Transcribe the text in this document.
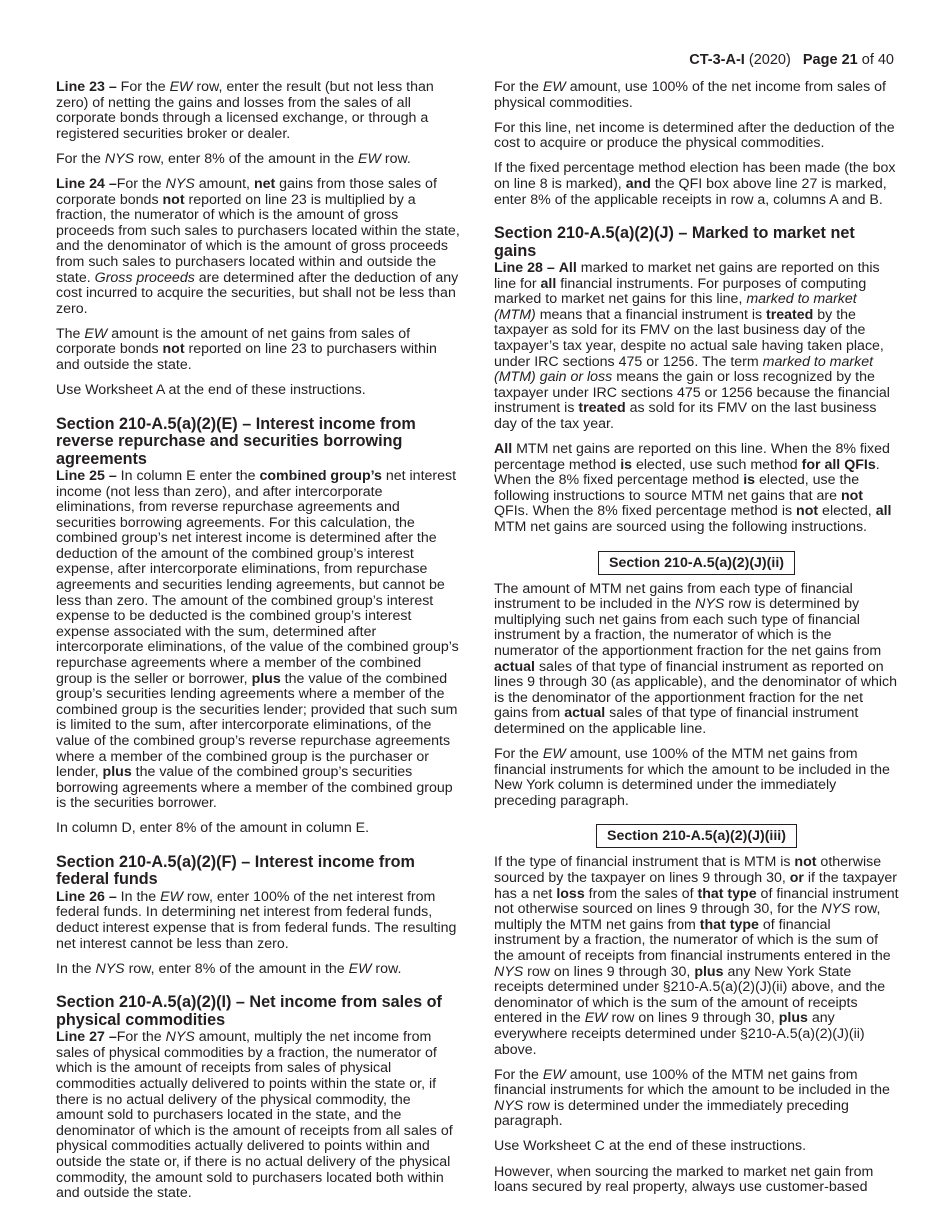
CT-3-A-I (2020) Page 21 of 40

Line 23 – For the EW row, enter the result (but not less than zero) of netting the gains and losses from the sales of all corporate bonds through a licensed exchange, or through a registered securities broker or dealer.

For the NYS row, enter 8% of the amount in the EW row.

Line 24 –For the NYS amount, net gains from those sales of corporate bonds not reported on line 23 is multiplied by a fraction, the numerator of which is the amount of gross proceeds from such sales to purchasers located within the state, and the denominator of which is the amount of gross proceeds from such sales to purchasers located within and outside the state. Gross proceeds are determined after the deduction of any cost incurred to acquire the securities, but shall not be less than zero.

The EW amount is the amount of net gains from sales of corporate bonds not reported on line 23 to purchasers within and outside the state.

Use Worksheet A at the end of these instructions.

Section 210-A.5(a)(2)(E) – Interest income from reverse repurchase and securities borrowing agreements

Line 25 – In column E enter the combined group’s net interest income (not less than zero), and after intercorporate eliminations, from reverse repurchase agreements and securities borrowing agreements. For this calculation, the combined group’s net interest income is determined after the deduction of the amount of the combined group’s interest expense, after intercorporate eliminations, from repurchase agreements and securities lending agreements, but cannot be less than zero. The amount of the combined group’s interest expense to be deducted is the combined group’s interest expense associated with the sum, determined after intercorporate eliminations, of the value of the combined group’s repurchase agreements where a member of the combined group is the seller or borrower, plus the value of the combined group’s securities lending agreements where a member of the combined group is the securities lender; provided that such sum is limited to the sum, after intercorporate eliminations, of the value of the combined group’s reverse repurchase agreements where a member of the combined group is the purchaser or lender, plus the value of the combined group’s securities borrowing agreements where a member of the combined group is the securities borrower.

In column D, enter 8% of the amount in column E.

Section 210-A.5(a)(2)(F) – Interest income from federal funds

Line 26 – In the EW row, enter 100% of the net interest from federal funds. In determining net interest from federal funds, deduct interest expense that is from federal funds. The resulting net interest cannot be less than zero.

In the NYS row, enter 8% of the amount in the EW row.

Section 210-A.5(a)(2)(I) – Net income from sales of physical commodities

Line 27 –For the NYS amount, multiply the net income from sales of physical commodities by a fraction, the numerator of which is the amount of receipts from sales of physical commodities actually delivered to points within the state or, if there is no actual delivery of the physical commodity, the amount sold to purchasers located in the state, and the denominator of which is the amount of receipts from all sales of physical commodities actually delivered to points within and outside the state or, if there is no actual delivery of the physical commodity, the amount sold to purchasers located both within and outside the state.

For the EW amount, use 100% of the net income from sales of physical commodities.

For this line, net income is determined after the deduction of the cost to acquire or produce the physical commodities.

If the fixed percentage method election has been made (the box on line 8 is marked), and the QFI box above line 27 is marked, enter 8% of the applicable receipts in row a, columns A and B.

Section 210-A.5(a)(2)(J) – Marked to market net gains

Line 28 – All marked to market net gains are reported on this line for all financial instruments. For purposes of computing marked to market net gains for this line, marked to market (MTM) means that a financial instrument is treated by the taxpayer as sold for its FMV on the last business day of the taxpayer’s tax year, despite no actual sale having taken place, under IRC sections 475 or 1256. The term marked to market (MTM) gain or loss means the gain or loss recognized by the taxpayer under IRC sections 475 or 1256 because the financial instrument is treated as sold for its FMV on the last business day of the tax year.

All MTM net gains are reported on this line. When the 8% fixed percentage method is elected, use such method for all QFIs. When the 8% fixed percentage method is elected, use the following instructions to source MTM net gains that are not QFIs. When the 8% fixed percentage method is not elected, all MTM net gains are sourced using the following instructions.

Section 210-A.5(a)(2)(J)(ii)

The amount of MTM net gains from each type of financial instrument to be included in the NYS row is determined by multiplying such net gains from each such type of financial instrument by a fraction, the numerator of which is the numerator of the apportionment fraction for the net gains from actual sales of that type of financial instrument as reported on lines 9 through 30 (as applicable), and the denominator of which is the denominator of the apportionment fraction for the net gains from actual sales of that type of financial instrument determined on the applicable line.

For the EW amount, use 100% of the MTM net gains from financial instruments for which the amount to be included in the New York column is determined under the immediately preceding paragraph.

Section 210-A.5(a)(2)(J)(iii)

If the type of financial instrument that is MTM is not otherwise sourced by the taxpayer on lines 9 through 30, or if the taxpayer has a net loss from the sales of that type of financial instrument not otherwise sourced on lines 9 through 30, for the NYS row, multiply the MTM net gains from that type of financial instrument by a fraction, the numerator of which is the sum of the amount of receipts from financial instruments entered in the NYS row on lines 9 through 30, plus any New York State receipts determined under §210-A.5(a)(2)(J)(ii) above, and the denominator of which is the sum of the amount of receipts entered in the EW row on lines 9 through 30, plus any everywhere receipts determined under §210-A.5(a)(2)(J)(ii) above.

For the EW amount, use 100% of the MTM net gains from financial instruments for which the amount to be included in the NYS row is determined under the immediately preceding paragraph.

Use Worksheet C at the end of these instructions.

However, when sourcing the marked to market net gain from loans secured by real property, always use customer-based
